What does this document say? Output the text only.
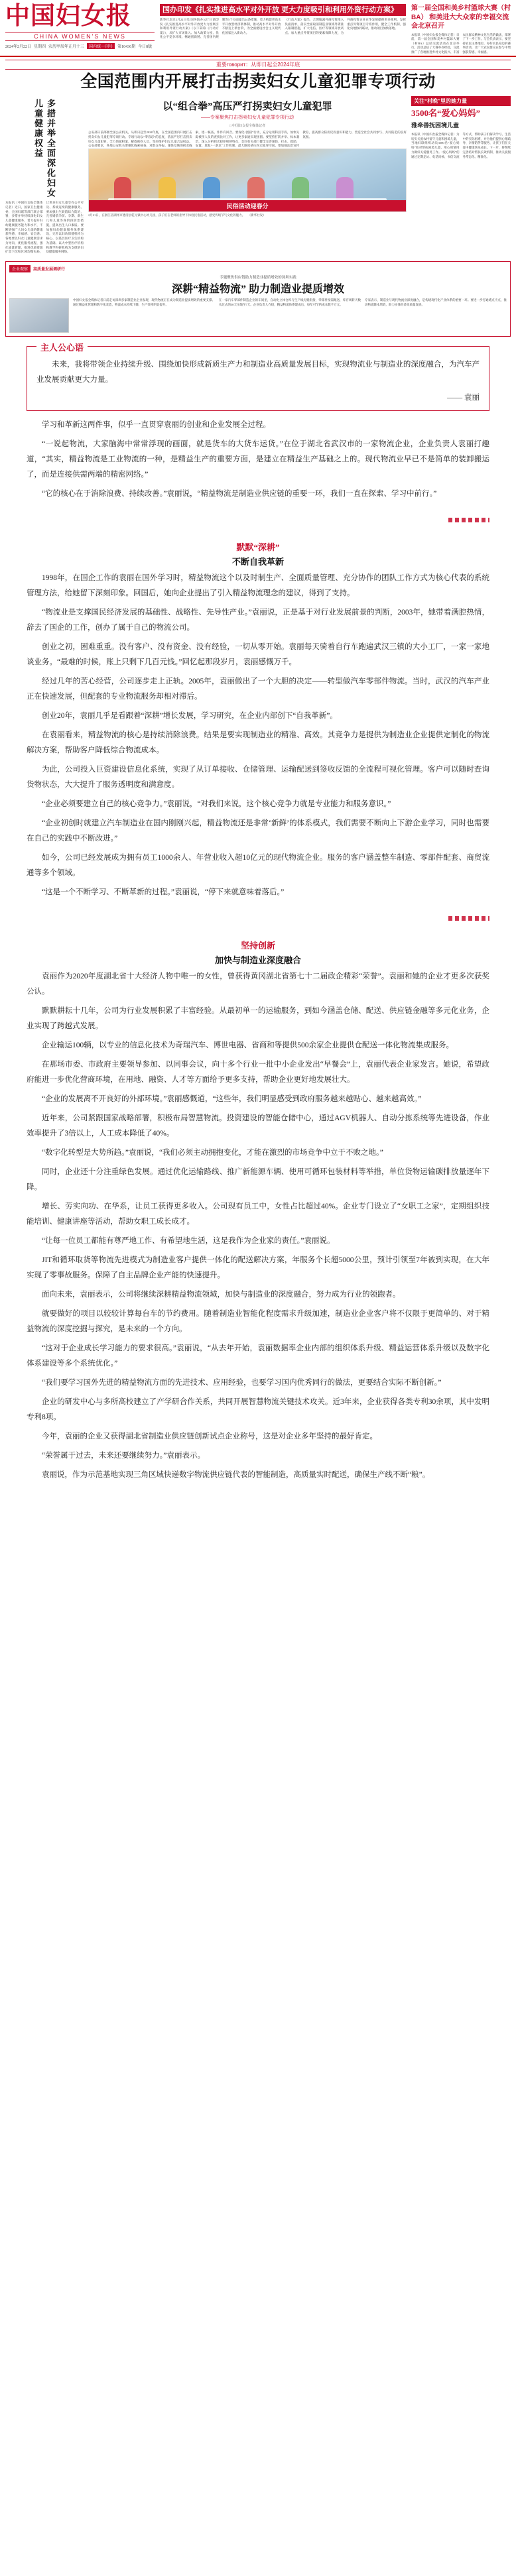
中国妇女报
CHINA WOMEN'S NEWS
2024年2月22日 星期四 农历甲辰年正月十三	国内统一刊号	第10436期 今日8版
国办印发《扎实推进高水平对外开放 更大力度吸引和利用外资行动方案》
新华社北京2月22日电 国务院办公厅日前印发《扎实推进高水平对外开放更大力度吸引和利用外资行动方案》（以下简称《行动方案》），从扩大市场准入、加大政策力度、优化公平竞争环境、畅通创新链、完善国内规制等5个方面提出24条措施，着力构建更高水平开放型经济新体制，推动高水平对外开放不断迈上新台阶，为全面建设社会主义现代化国家注入新动力。
《行动方案》提出，合理缩减外商投资准入负面清单，落实全面取消制造业领域外资准入限制措施，扩大电信、医疗等领域开放试点。加大重点外资项目的要素保障力度，为外商投资企业在华发展提供更多便利。发挥重点外资项目专班作用，健全工作机制，强化央地协同联动，推动项目加快落地。
第一届全国和美乡村篮球大赛（村BA） 和美进大大众家的幸福交流会北京召开
本报讯（中国妇女报全媒体记者）日前，第一届全国和美乡村篮球大赛（村BA）总结交流活动在北京举行。活动总结了大赛举办经验，交流推广了各地推进乡村文化振兴、丰富农民群众精神文化生活的做法，部署了下一步工作。与会代表表示，要坚持农民主体地位，办好农民身边的赛事活动，让广大农民群众在参与中增强获得感、幸福感。
重要говорит：从即日起至2024年底
全国范围内开展打击拐卖妇女儿童犯罪专项行动
多措并举全面深化妇女儿童健康权益
本报讯（中国妇女报全媒体记者）近日，国家卫生健康委、全国妇联等部门联合部署，多措并举持续深化妇女儿童健康服务，着力提升妇幼健康服务能力和水平，不断增强广大妇女儿童的健康获得感、幸福感、安全感。各地要以妇女儿童健康需求为导向，优化服务流程，强化质量管理，推进优质资源扩容下沉和区域均衡布局，让更多妇女儿童享有公平可及、系统连续的健康服务。要加强出生缺陷综合防治，完善婚前孕前、孕期、新生儿和儿童等各阶段防治措施，提高出生人口素质。要加强妇幼健康服务体系建设，完善以妇幼保健机构为核心、以基层医疗卫生机构为基础、以大中型医疗机构和教学科研机构为支撑的妇幼健康服务网络。
以“组合拳”高压严打拐卖妇女儿童犯罪
——专案聚焦打击拐卖妇女儿童犯罪专项行动
□ 中国妇女报全媒体记者
公安部日前部署全国公安机关，从即日起至2024年底，在全国范围内开展打击拐卖妇女儿童犯罪专项行动。专项行动以“零容忍”的态度，依法严厉打击拐卖妇女儿童犯罪，全力侦破积案、解救被拐人员，坚决维护妇女儿童合法权益。公安部要求，各地公安机关要强化线索核查，对群众举报、媒体反映的拐卖线索，逐一核查、件件有回音。要深化“团圆”行动，充分运用科技手段，加快失踪被拐人员的查找比对工作，让更多家庭实现团圆。要坚持打防并举、标本兼治，深入分析拐卖犯罪规律特点，会同有关部门健全完善预防、打击、救助、安置、康复“一条龙”工作机制，最大限度挤压拐卖犯罪空间。要加强法治宣传教育，提高群众防拐反拐意识和能力，营造全社会共同参与、共同防范的良好氛围。
民俗活动迎春分
2月21日，在浙江省湖州市德清县乾元镇中心幼儿园，孩子们在老师的指导下体验民俗活动，感受传统节气文化的魅力。　　（新华社发）
关注“村晚”里的她力量
3500名“爱心妈妈”
雅牵善抚困境儿童
本报讯（中国妇女报全媒体记者）为切实关爱农村留守儿童和困境儿童，当地妇联组织动员3500名“爱心妈妈”结对帮扶困境儿童，用心用情用力做好关爱服务工作。“爱心妈妈”们通过定期走访、电话问候、书信交流等方式，帮助孩子们解决学习、生活中的实际困难，并为他们提供心理疏导、亲情陪伴等服务，让孩子们在关爱中健康快乐成长。下一步，将继续完善结对帮扶长效机制，推动关爱服务常态化、精准化。
企业观察	高质量发展调研行
专题聚焦供应链助力制造业提质增效的深圳实践
深耕“精益物流” 助力制造业提质增效
中国妇女报全媒体记者日前走访深圳多家制造业企业发现，现代物流正在成为制造业提质增效的重要支撑。通过精益化管理和数字化改造，物流成本持续下降，生产效率明显提升。
在一家汽车零部件制造企业的车间里，自动化立体仓库与生产线无缝衔接，零部件按需配送，库存周转天数从过去的30天压缩至7天。企业负责人介绍，精益物流体系建成后，每年可节约成本数千万元。
专家表示，制造业与现代物流业深度融合，是构建现代化产业体系的重要一环。要进一步打通堵点卡点，推动物流降本增效，助力实体经济高质量发展。
主人公心语
未来，我将带领企业持续升级、围绕加快形成新质生产力和制造业高质量发展目标，实现物流业与制造业的深度融合，为汽车产业发展贡献更大力量。
—— 袁丽
学习和革新这两件事，似乎一直贯穿袁丽的创业和企业发展全过程。
“一说起物流，大家脑海中常常浮现的画面，就是货车的大货车运货。”在位于湖北省武汉市的一家物流企业，企业负责人袁丽打趣道，“其实，精益物流是工业物流的一种，是精益生产的重要方面，是建立在精益生产基础之上的。现代物流业早已不是简单的装卸搬运了，而是连接供需两端的精密网络。”
“它的核心在于消除浪费、持续改善。”袁丽说，“精益物流是制造业供应链的重要一环，我们一直在探索、学习中前行。”
默默“深耕”
不断自我革新
1998年，在国企工作的袁丽在国外学习时，精益物流这个以及时制生产、全面质量管理、充分协作的团队工作方式为核心代表的系统管理方法，给她留下深刻印象。回国后，她向企业提出了引入精益物流理念的建议，得到了支持。
“物流业是支撑国民经济发展的基础性、战略性、先导性产业。”袁丽说，正是基于对行业发展前景的判断，2003年，她带着满腔热情，辞去了国企的工作，创办了属于自己的物流公司。
创业之初，困难重重。没有客户、没有资金、没有经验，一切从零开始。袁丽每天骑着自行车跑遍武汉三镇的大小工厂，一家一家地谈业务。“最难的时候，账上只剩下几百元钱。”回忆起那段岁月，袁丽感慨万千。
经过几年的苦心经营，公司逐步走上正轨。2005年，袁丽做出了一个大胆的决定——转型做汽车零部件物流。当时，武汉的汽车产业正在快速发展，但配套的专业物流服务却相对滞后。
创业20年，袁丽几乎是看跟着“深耕”增长发展，学习研究，在企业内部创下“自我革新”。
在袁丽看来，精益物流的核心是持续消除浪费。结果是要实现制造业的精准、高效。其竞争力是提供为制造业企业提供定制化的物流解决方案，帮助客户降低综合物流成本。
为此，公司投入巨资建设信息化系统，实现了从订单接收、仓储管理、运输配送到签收反馈的全流程可视化管理。客户可以随时查询货物状态，大大提升了服务透明度和满意度。
“企业必须要建立自己的核心竞争力。”袁丽说，“对我们来说，这个核心竞争力就是专业能力和服务意识。”
“企业初创时就建立汽车制造业在国内刚刚兴起，精益物流还是非常‘新鲜’的体系模式，我们需要不断向上下游企业学习，同时也需要在自己的实践中不断改进。”
如今，公司已经发展成为拥有员工1000余人、年营业收入超10亿元的现代物流企业。服务的客户涵盖整车制造、零部件配套、商贸流通等多个领域。
“这是一个不断学习、不断革新的过程。”袁丽说，“停下来就意味着落后。”
坚持创新
加快与制造业深度融合
袁丽作为2020年度湖北省十大经济人物中唯一的女性，曾获得黄冈湖北省第七十二届政企精彩“荣誉”。袁丽和她的企业才更多次获奖公认。
默默耕耘十几年，公司为行业发展积累了丰富经验。从最初单一的运输服务，到如今涵盖仓储、配送、供应链金融等多元化业务，企业实现了跨越式发展。
企业输运100辆，以专业的信息化技术为奇瑞汽车、博世电器、省商和等提供500余家企业提供仓配送一体化物流集成服务。
在那场市委、市政府主要领导参加、以同事会议，向十多个行业一批中小企业发出“早餐会”上，袁丽代表企业家发言。她说，希望政府能进一步优化营商环境，在用地、融资、人才等方面给予更多支持，帮助企业更好地发展壮大。
“企业的发展离不开良好的外部环境。”袁丽感慨道，“这些年，我们明显感受到政府服务越来越贴心、越来越高效。”
近年来，公司紧跟国家战略部署，积极布局智慧物流。投资建设的智能仓储中心，通过AGV机器人、自动分拣系统等先进设备，作业效率提升了3倍以上，人工成本降低了40%。
“数字化转型是大势所趋。”袁丽说，“我们必须主动拥抱变化，才能在激烈的市场竞争中立于不败之地。”
同时，企业还十分注重绿色发展。通过优化运输路线、推广新能源车辆、使用可循环包装材料等举措，单位货物运输碳排放量逐年下降。
增长、劳实向功、在华系，让员工获得更多收入。公司现有员工中，女性占比超过40%。企业专门设立了“女职工之家”，定期组织技能培训、健康讲座等活动，帮助女职工成长成才。
“让每一位员工都能有尊严地工作、有希望地生活，这是我作为企业家的责任。”袁丽说。
JIT和循环取货等物流先进模式为制造业客户提供一体化的配送解决方案，年服务个长超5000公里，预计引领至7年被到实现，在大年实现了零事故服务。保障了自主品牌企业产能的快速提升。
面向未来，袁丽表示，公司将继续深耕精益物流领域，加快与制造业的深度融合，努力成为行业的领跑者。
就要做好的项目以较较计算每台车的节约费用。随着制造业智能化程度需求升级加速，制造业企业客户将不仅限于更简单的、对于精益物流的深度挖掘与探究，是未来的一个方向。
“这对于企业成长学习能力的要求很高。”袁丽说，“从去年开始，袁丽数据率企业内部的组织体系升级、精益运营体系升级以及数字化体系建设等多个系统优化。”
“我们要学习国外先进的精益物流方面的先进技术、应用经验，也要学习国内优秀同行的做法，更要结合实际不断创新。”
企业的研发中心与多所高校建立了产学研合作关系，共同开展智慧物流关键技术攻关。近3年来，企业获得各类专利30余项，其中发明专利8项。
今年，袁丽的企业又获得湖北省制造业供应链创新试点企业称号，这是对企业多年坚持的最好肯定。
“荣誉属于过去，未来还要继续努力。”袁丽表示。
袁丽说，作为示范基地实现三角区域快递数字物流供应链代表的智能制造，高质量实时配送，确保生产线不断“粮”。
